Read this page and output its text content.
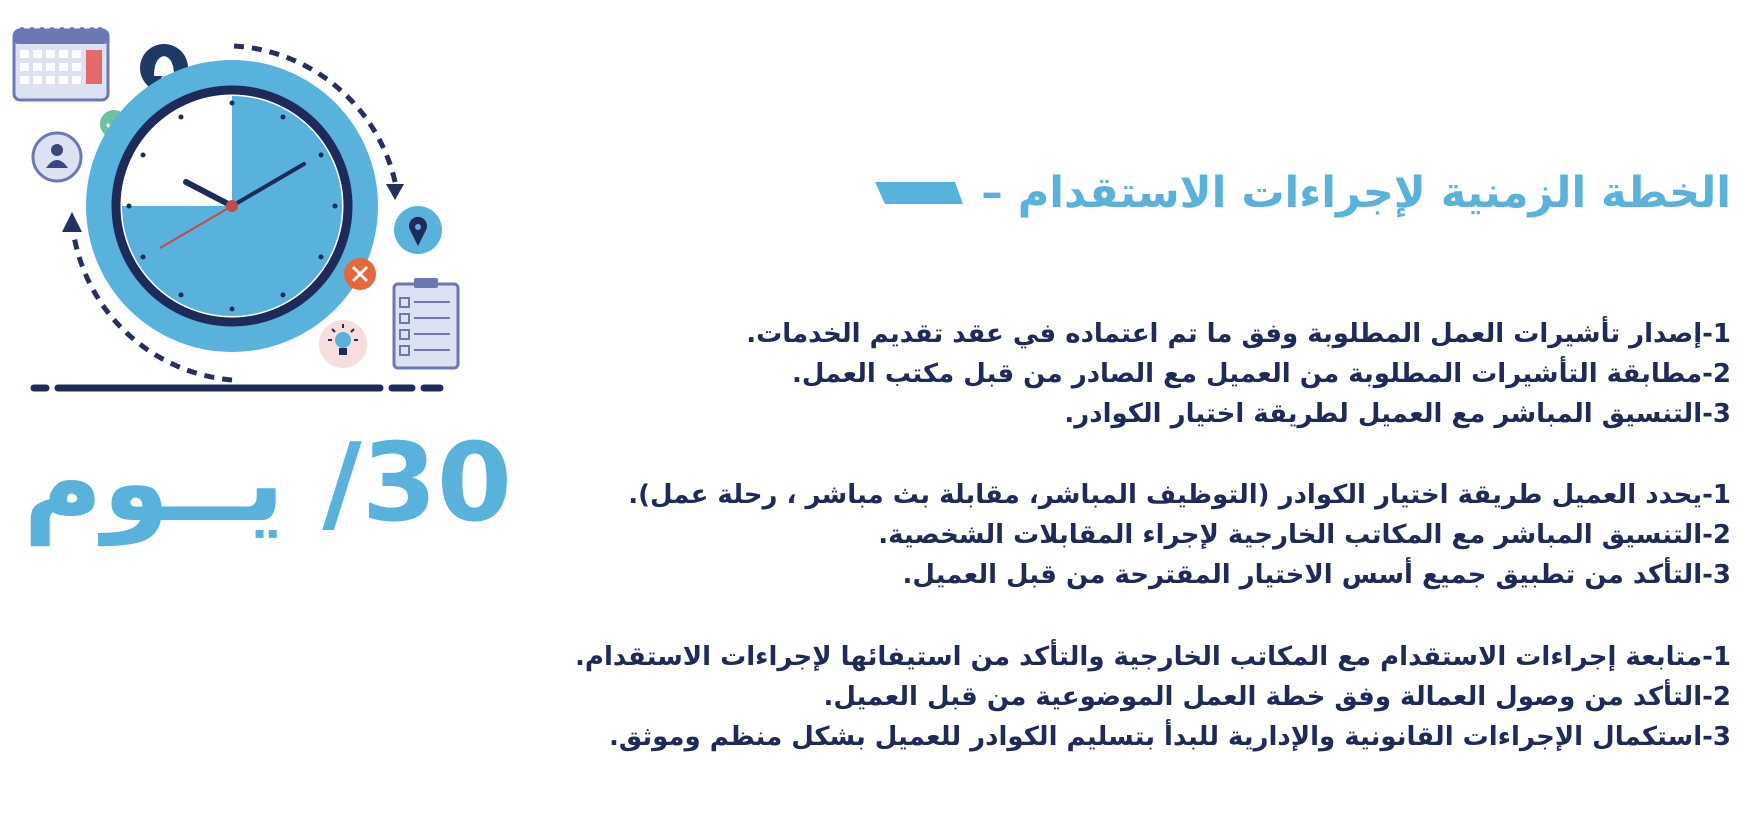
30/ يــوم
الخطة الزمنية لإجراءات الاستقدام –
1-إصدار تأشيرات العمل المطلوبة وفق ما تم اعتماده في عقد تقديم الخدمات.
2-مطابقة التأشيرات المطلوبة من العميل مع الصادر من قبل مكتب العمل.
3-التنسيق المباشر مع العميل لطريقة اختيار الكوادر.
1-يحدد العميل طريقة اختيار الكوادر (التوظيف المباشر، مقابلة بث مباشر ، رحلة عمل).
2-التنسيق المباشر مع المكاتب الخارجية لإجراء المقابلات الشخصية.
3-التأكد من تطبيق جميع أسس الاختيار المقترحة من قبل العميل.
1-متابعة إجراءات الاستقدام مع المكاتب الخارجية والتأكد من استيفائها لإجراءات الاستقدام.
2-التأكد من وصول العمالة وفق خطة العمل الموضوعية من قبل العميل.
3-استكمال الإجراءات القانونية والإدارية للبدأ بتسليم الكوادر للعميل بشكل منظم وموثق.
